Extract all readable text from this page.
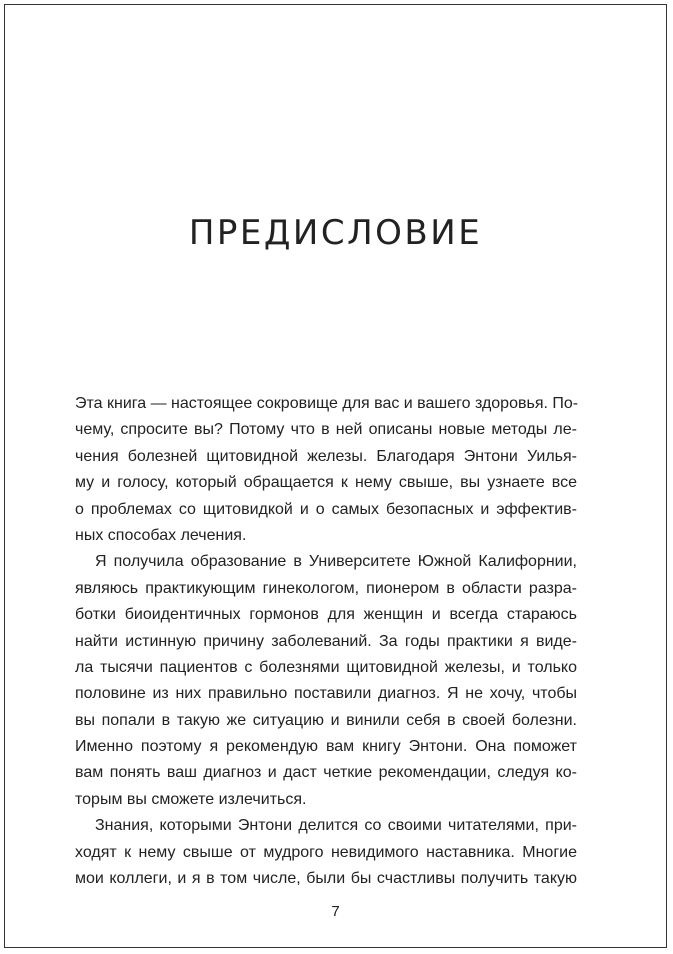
ПРЕДИСЛОВИЕ
Эта книга — настоящее сокровище для вас и вашего здоровья. По-
чему, спросите вы? Потому что в ней описаны новые методы ле-
чения болезней щитовидной железы. Благодаря Энтони Уилья-
му и голосу, который обращается к нему свыше, вы узнаете все
о проблемах со щитовидкой и о самых безопасных и эффектив-
ных способах лечения.
Я получила образование в Университете Южной Калифорнии,
являюсь практикующим гинекологом, пионером в области разра-
ботки биоидентичных гормонов для женщин и всегда стараюсь
найти истинную причину заболеваний. За годы практики я виде-
ла тысячи пациентов с болезнями щитовидной железы, и только
половине из них правильно поставили диагноз. Я не хочу, чтобы
вы попали в такую же ситуацию и винили себя в своей болезни.
Именно поэтому я рекомендую вам книгу Энтони. Она поможет
вам понять ваш диагноз и даст четкие рекомендации, следуя ко-
торым вы сможете излечиться.
Знания, которыми Энтони делится со своими читателями, при-
ходят к нему свыше от мудрого невидимого наставника. Многие
мои коллеги, и я в том числе, были бы счастливы получить такую
7
